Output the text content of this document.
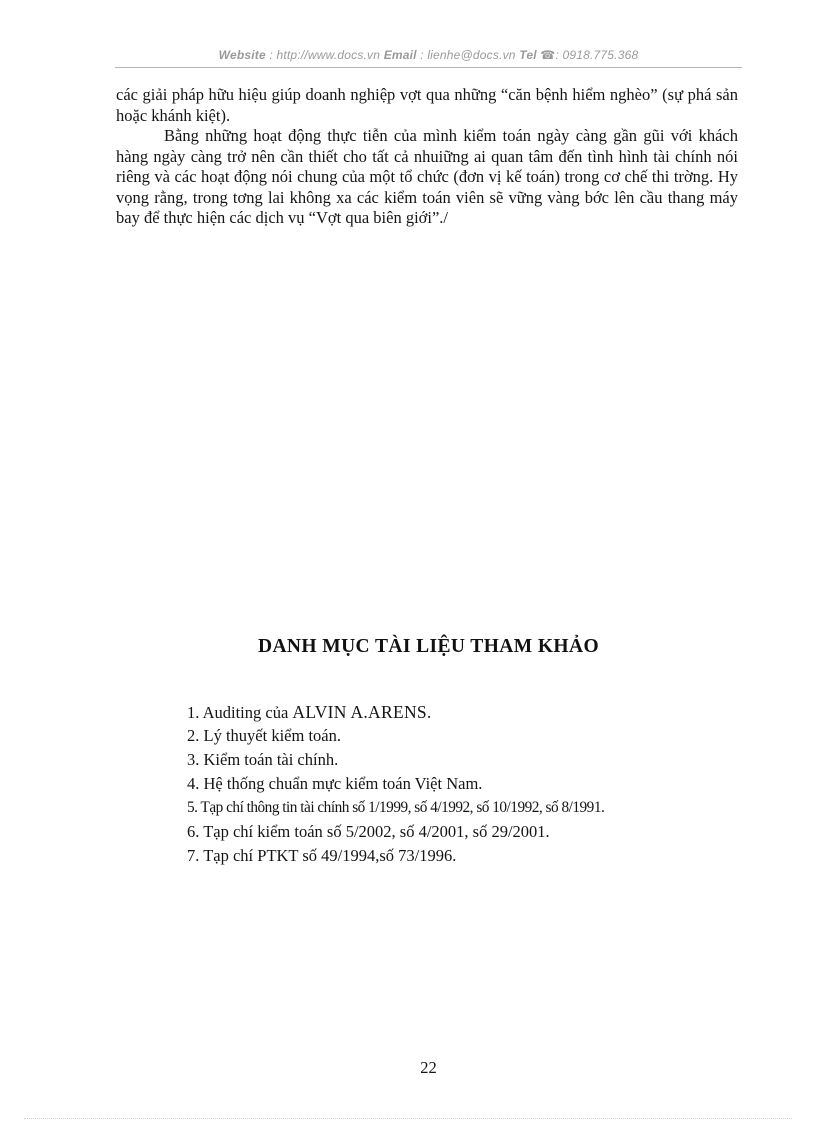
Website : http://www.docs.vn Email : lienhe@docs.vn Tel ☎: 0918.775.368

các giải pháp hữu hiệu giúp doanh nghiệp vợt qua những “căn bệnh hiểm nghèo” (sự phá sản hoặc khánh kiệt).

Bằng những hoạt động thực tiễn của mình kiểm toán ngày càng gần gũi với khách hàng ngày càng trở nên cần thiết cho tất cả nhuiững ai quan tâm đến tình hình tài chính nói riêng và các hoạt động nói chung của một tổ chức (đơn vị kế toán) trong cơ chế thi trờng. Hy vọng rằng, trong tơng lai không xa các kiểm toán viên sẽ vững vàng bớc lên cầu thang máy bay để thực hiện các dịch vụ “Vợt qua biên giới”./

DANH MỤC TÀI LIỆU THAM KHẢO
1. Auditing của ALVIN A.ARENS.
2. Lý thuyết kiểm toán.
3. Kiểm toán tài chính.
4. Hệ thống chuẩn mực kiểm toán Việt Nam.
5. Tạp chí thông tin tài chính số 1/1999, số 4/1992, số 10/1992, số 8/1991.
6. Tạp chí kiểm toán số 5/2002, số 4/2001, số 29/2001.
7. Tạp chí PTKT số 49/1994,số 73/1996.
22
